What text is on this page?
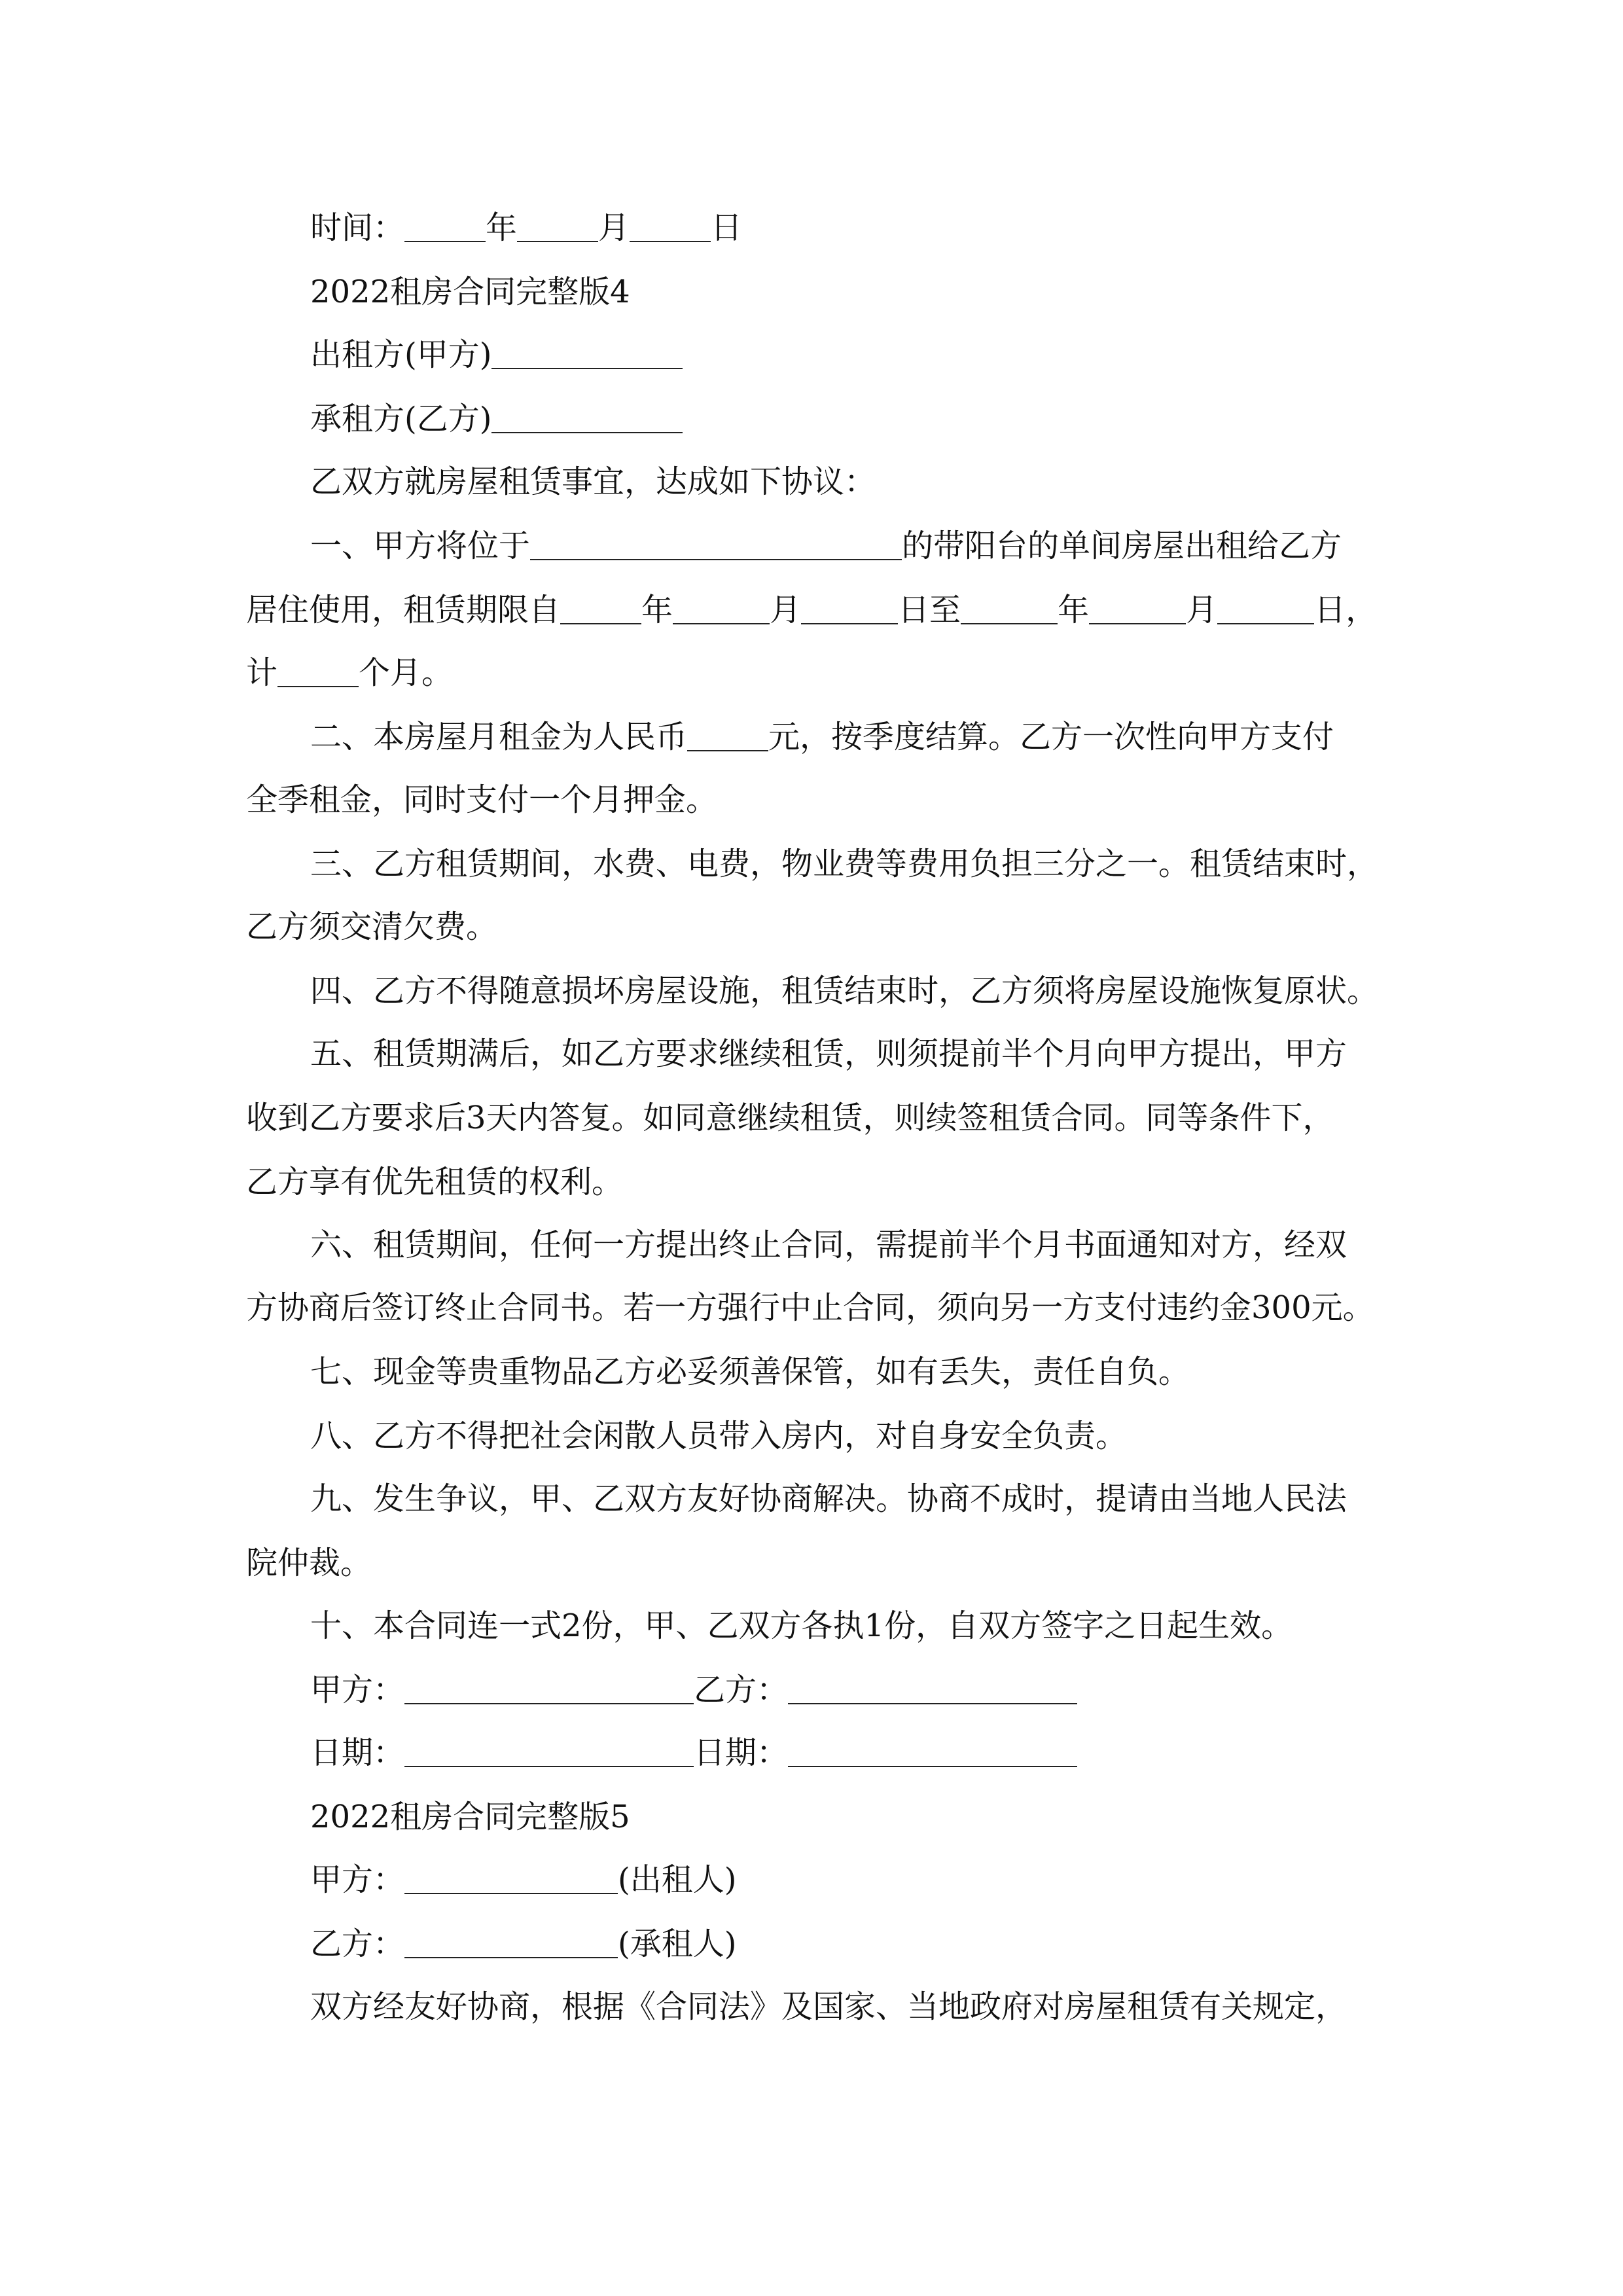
时间：	年	月	日
2022租房合同完整版4
出租方(甲方)
承租方(乙方)
乙双方就房屋租赁事宜，达成如下协议：
一、甲方将位于	的带阳台的单间房屋出租给乙方
居住使用，租赁期限自	年	月	日至	年	月	日，
计	个月。
二、本房屋月租金为人民币	元，按季度结算。乙方一次性向甲方支付
全季租金，同时支付一个月押金。
三、乙方租赁期间，水费、电费，物业费等费用负担三分之一。租赁结束时，
乙方须交清欠费。
四、乙方不得随意损坏房屋设施，租赁结束时，乙方须将房屋设施恢复原状。
五、租赁期满后，如乙方要求继续租赁，则须提前半个月向甲方提出，甲方
收到乙方要求后3天内答复。如同意继续租赁，则续签租赁合同。同等条件下，
乙方享有优先租赁的权利。
六、租赁期间，任何一方提出终止合同，需提前半个月书面通知对方，经双
方协商后签订终止合同书。若一方强行中止合同，须向另一方支付违约金300元。
七、现金等贵重物品乙方必妥须善保管，如有丢失，责任自负。
八、乙方不得把社会闲散人员带入房内，对自身安全负责。
九、发生争议，甲、乙双方友好协商解决。协商不成时，提请由当地人民法
院仲裁。
十、本合同连一式2份，甲、乙双方各执1份，自双方签字之日起生效。
甲方：	乙方：
日期：	日期：
2022租房合同完整版5
甲方：	(出租人)
乙方：	(承租人)
双方经友好协商，根据《合同法》及国家、当地政府对房屋租赁有关规定，
